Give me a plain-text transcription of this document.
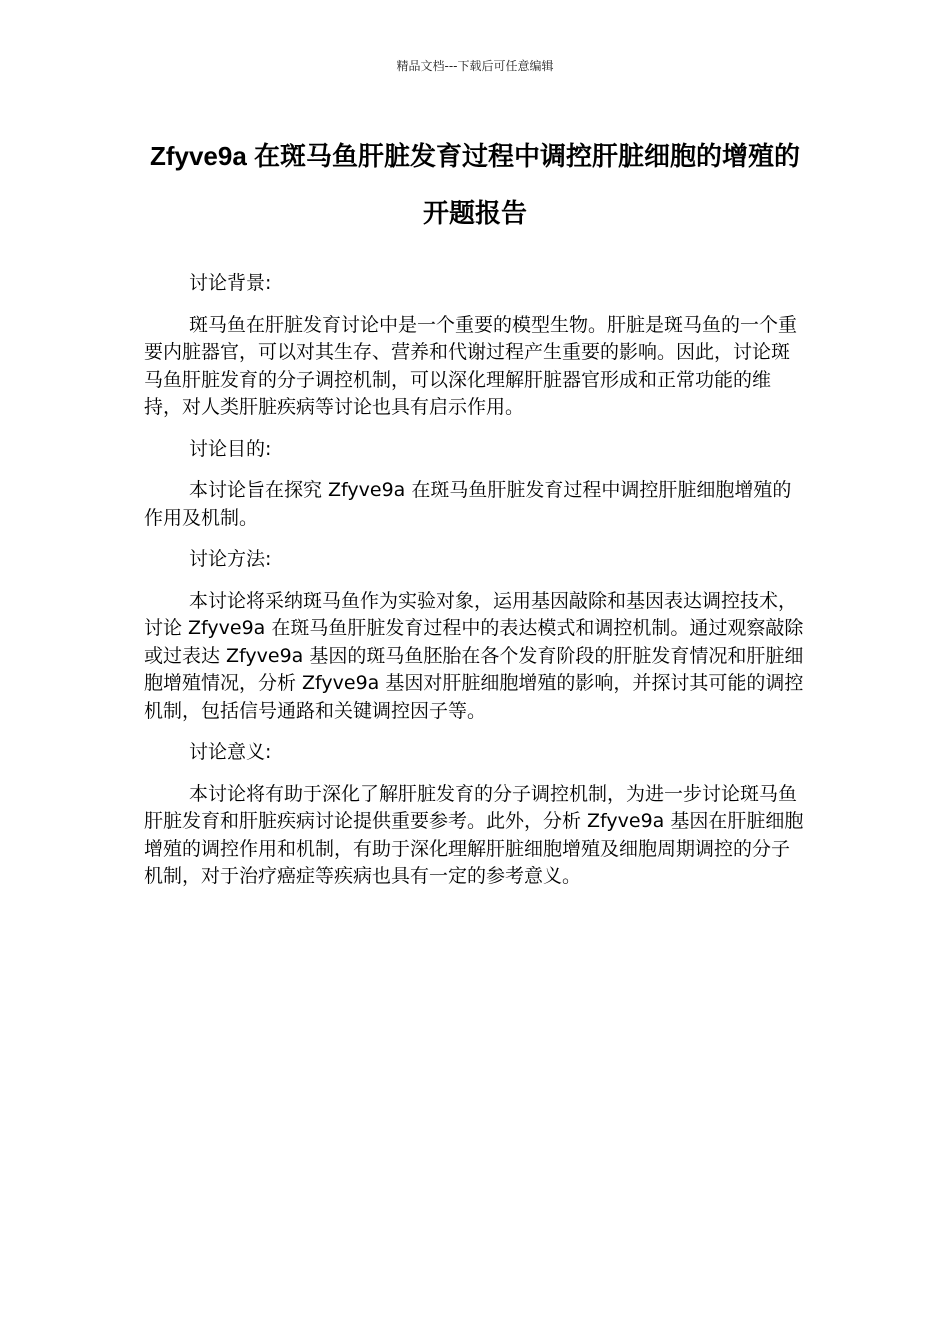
精品文档---下载后可任意编辑
Zfyve9a 在斑马鱼肝脏发育过程中调控肝脏细胞的增殖的开题报告

讨论背景:

斑马鱼在肝脏发育讨论中是一个重要的模型生物。肝脏是斑马鱼的一个重要内脏器官，可以对其生存、营养和代谢过程产生重要的影响。因此，讨论斑马鱼肝脏发育的分子调控机制，可以深化理解肝脏器官形成和正常功能的维持，对人类肝脏疾病等讨论也具有启示作用。

讨论目的:

本讨论旨在探究 Zfyve9a 在斑马鱼肝脏发育过程中调控肝脏细胞增殖的作用及机制。

讨论方法:

本讨论将采纳斑马鱼作为实验对象，运用基因敲除和基因表达调控技术，讨论 Zfyve9a 在斑马鱼肝脏发育过程中的表达模式和调控机制。通过观察敲除或过表达 Zfyve9a 基因的斑马鱼胚胎在各个发育阶段的肝脏发育情况和肝脏细胞增殖情况，分析 Zfyve9a 基因对肝脏细胞增殖的影响，并探讨其可能的调控机制，包括信号通路和关键调控因子等。

讨论意义:

本讨论将有助于深化了解肝脏发育的分子调控机制，为进一步讨论斑马鱼肝脏发育和肝脏疾病讨论提供重要参考。此外，分析 Zfyve9a 基因在肝脏细胞增殖的调控作用和机制，有助于深化理解肝脏细胞增殖及细胞周期调控的分子机制，对于治疗癌症等疾病也具有一定的参考意义。
